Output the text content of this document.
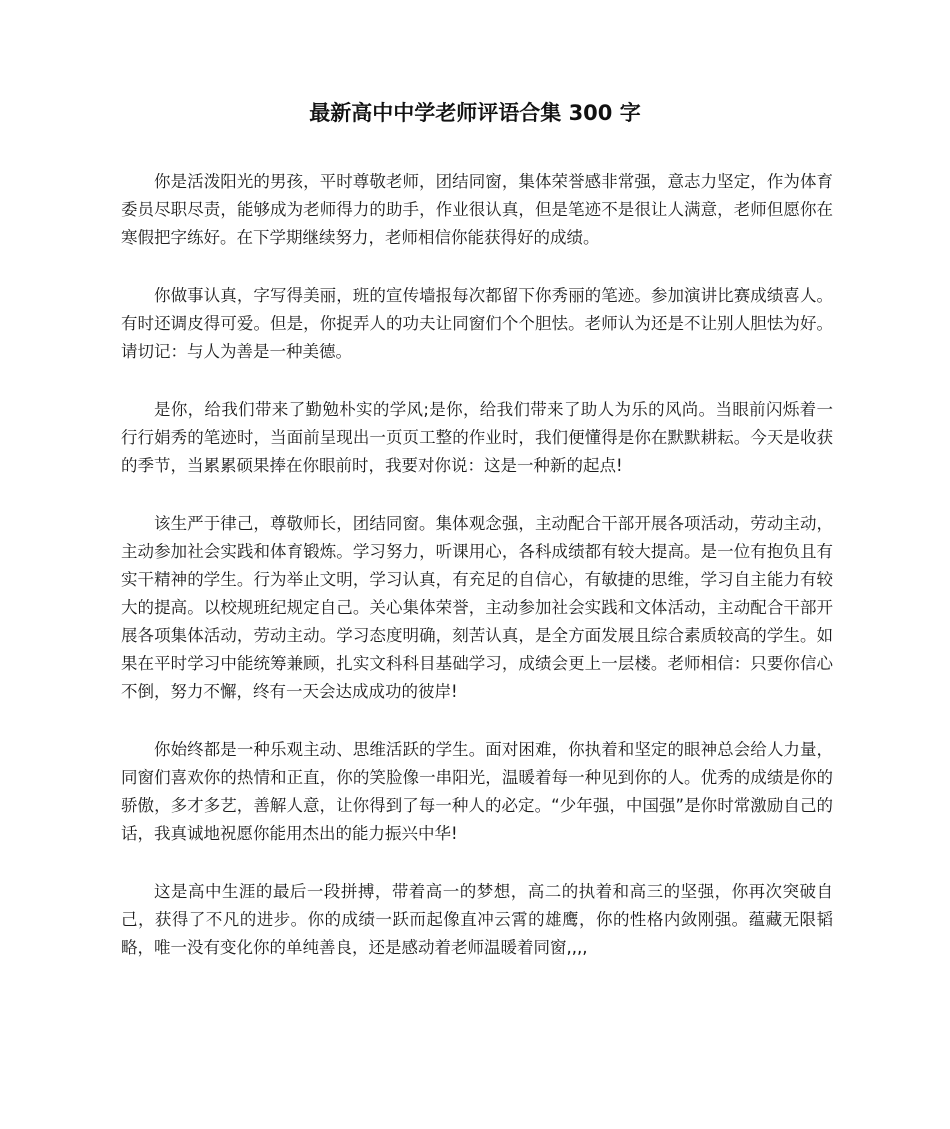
最新高中中学老师评语合集 300 字

你是活泼阳光的男孩，平时尊敬老师，团结同窗，集体荣誉感非常强，意志力坚定，作为体育委员尽职尽责，能够成为老师得力的助手，作业很认真，但是笔迹不是很让人满意，老师但愿你在寒假把字练好。在下学期继续努力，老师相信你能获得好的成绩。

你做事认真，字写得美丽，班的宣传墙报每次都留下你秀丽的笔迹。参加演讲比赛成绩喜人。有时还调皮得可爱。但是，你捉弄人的功夫让同窗们个个胆怯。老师认为还是不让别人胆怯为好。请切记：与人为善是一种美德。

是你，给我们带来了勤勉朴实的学风;是你，给我们带来了助人为乐的风尚。当眼前闪烁着一行行娟秀的笔迹时，当面前呈现出一页页工整的作业时，我们便懂得是你在默默耕耘。今天是收获的季节，当累累硕果捧在你眼前时，我要对你说：这是一种新的起点!

该生严于律己，尊敬师长，团结同窗。集体观念强，主动配合干部开展各项活动，劳动主动，主动参加社会实践和体育锻炼。学习努力，听课用心，各科成绩都有较大提高。是一位有抱负且有实干精神的学生。行为举止文明，学习认真，有充足的自信心，有敏捷的思维，学习自主能力有较大的提高。以校规班纪规定自己。关心集体荣誉，主动参加社会实践和文体活动，主动配合干部开展各项集体活动，劳动主动。学习态度明确，刻苦认真，是全方面发展且综合素质较高的学生。如果在平时学习中能统筹兼顾，扎实文科科目基础学习，成绩会更上一层楼。老师相信：只要你信心不倒，努力不懈，终有一天会达成成功的彼岸!

你始终都是一种乐观主动、思维活跃的学生。面对困难，你执着和坚定的眼神总会给人力量，同窗们喜欢你的热情和正直，你的笑脸像一串阳光，温暖着每一种见到你的人。优秀的成绩是你的骄傲，多才多艺，善解人意，让你得到了每一种人的必定。“少年强，中国强”是你时常激励自己的话，我真诚地祝愿你能用杰出的能力振兴中华!

这是高中生涯的最后一段拼搏，带着高一的梦想，高二的执着和高三的坚强，你再次突破自己，获得了不凡的进步。你的成绩一跃而起像直冲云霄的雄鹰，你的性格内敛刚强。蕴藏无限韬略，唯一没有变化你的单纯善良，还是感动着老师温暖着同窗,,,,
